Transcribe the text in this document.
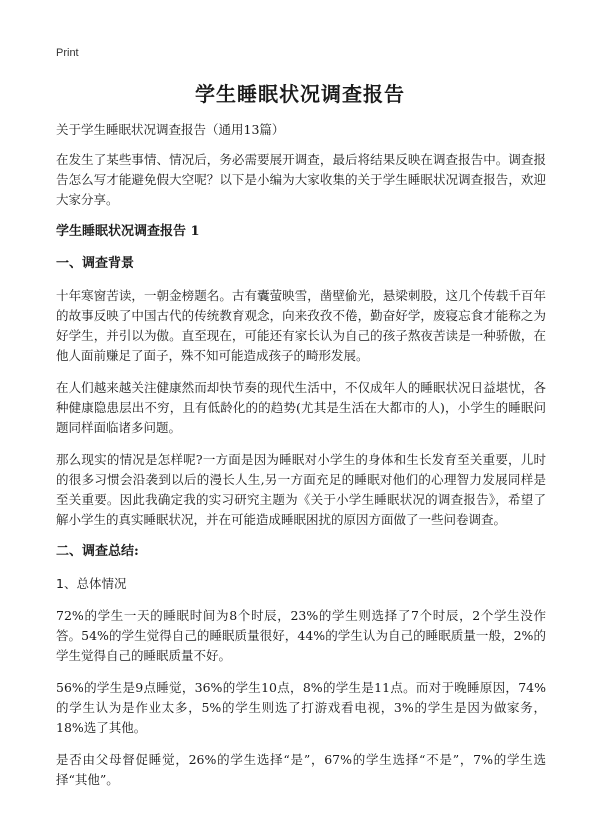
Print
学生睡眠状况调查报告

关于学生睡眠状况调查报告（通用13篇）

在发生了某些事情、情况后，务必需要展开调查，最后将结果反映在调查报告中。调查报告怎么写才能避免假大空呢？以下是小编为大家收集的关于学生睡眠状况调查报告，欢迎大家分享。

学生睡眠状况调查报告 1

一、调查背景

十年寒窗苦读，一朝金榜题名。古有囊萤映雪，凿壁偷光，悬梁刺股，这几个传载千百年的故事反映了中国古代的传统教育观念，向来孜孜不倦，勤奋好学，废寝忘食才能称之为好学生，并引以为傲。直至现在，可能还有家长认为自己的孩子熬夜苦读是一种骄傲，在他人面前赚足了面子，殊不知可能造成孩子的畸形发展。

在人们越来越关注健康然而却快节奏的现代生活中，不仅成年人的睡眠状况日益堪忧，各种健康隐患层出不穷，且有低龄化的的趋势(尤其是生活在大都市的人)，小学生的睡眠问题同样面临诸多问题。

那么现实的情况是怎样呢?一方面是因为睡眠对小学生的身体和生长发育至关重要，儿时的很多习惯会沿袭到以后的漫长人生,另一方面充足的睡眠对他们的心理智力发展同样是至关重要。因此我确定我的实习研究主题为《关于小学生睡眠状况的调查报告》，希望了解小学生的真实睡眠状况，并在可能造成睡眠困扰的原因方面做了一些问卷调查。

二、调查总结:

1、总体情况

72%的学生一天的睡眠时间为8个时辰，23%的学生则选择了7个时辰，2个学生没作答。54%的学生觉得自己的睡眠质量很好，44%的学生认为自己的睡眠质量一般，2%的学生觉得自己的睡眠质量不好。

56%的学生是9点睡觉，36%的学生10点，8%的学生是11点。而对于晚睡原因，74%的学生认为是作业太多，5%的学生则选了打游戏看电视，3%的学生是因为做家务，18%选了其他。

是否由父母督促睡觉，26%的学生选择“是”，67%的学生选择“不是”，7%的学生选择“其他”。
